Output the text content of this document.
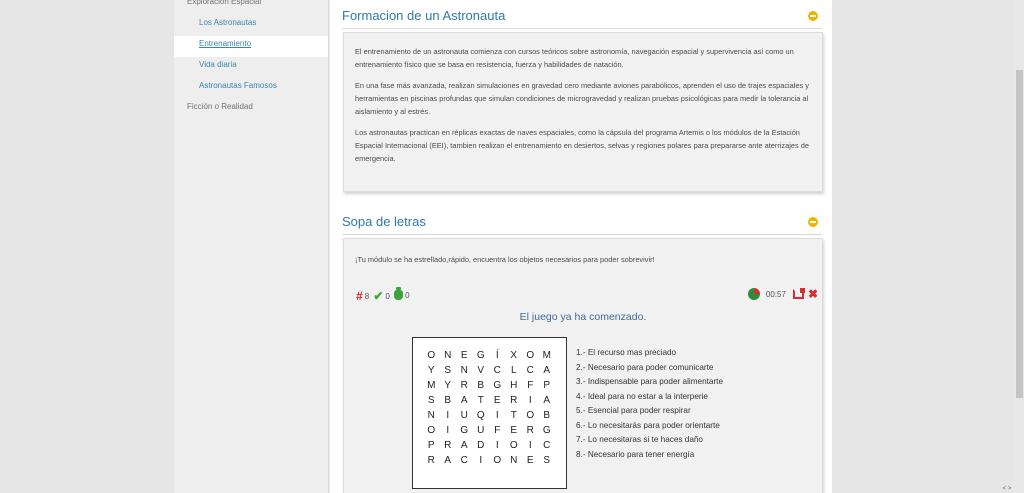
Exploracion Espacial
Los Astronautas
Entrenamiento
Vida diaria
Astronautas Famosos
Ficción o Realidad
Formacion de un Astronauta

El entrenamiento de un astronauta comienza con cursos teóricos sobre astronomía, navegación espacial y supervivencia así como un entrenamiento físico que se basa en resistencia, fuerza y habilidades de natación.

En una fase más avanzada, realizan simulaciones en gravedad cero mediante aviones parabólicos, aprenden el uso de trajes espaciales y herramientas en piscinas profundas que simulan condiciones de microgravedad y realizan pruebas psicológicas para medir la tolerancia al aislamiento y al estrés.

Los astronautas practican en réplicas exactas de naves espaciales, como la cápsula del programa Artemis o los módulos de la Estación Espacial Internacional (EEI), tambien realizan el entrenamiento en desiertos, selvas y regiones polares para prepararse ante aterrizajes de emergencia.

Sopa de letras

¡Tu módulo se ha estrellado,rápido, encuentra los objetos necesarios para poder sobrevivir!

# 8
✔ 0
0	00:57 ✖
El juego ya ha comenzado.
O N E G	Í	X O M
Y S N V C	L	C A
M Y R B G H F	P
S B A	T	E R	I	A
N	I	U Q	I	T O B
O	I	G U F	E R G
P R A D	I	O	I	C
R A C	I	O N E S
1.- El recurso mas preciado
2.- Necesario para poder comunicarte
3.- Indispensable para poder alimentarte
4.- Ideal para no estar a la interperie
5.- Esencial para poder respirar
6.- Lo necesitarás para poder orientarte
7.- Lo necesitaras si te haces daño
8.- Necesario para tener energía
< >
